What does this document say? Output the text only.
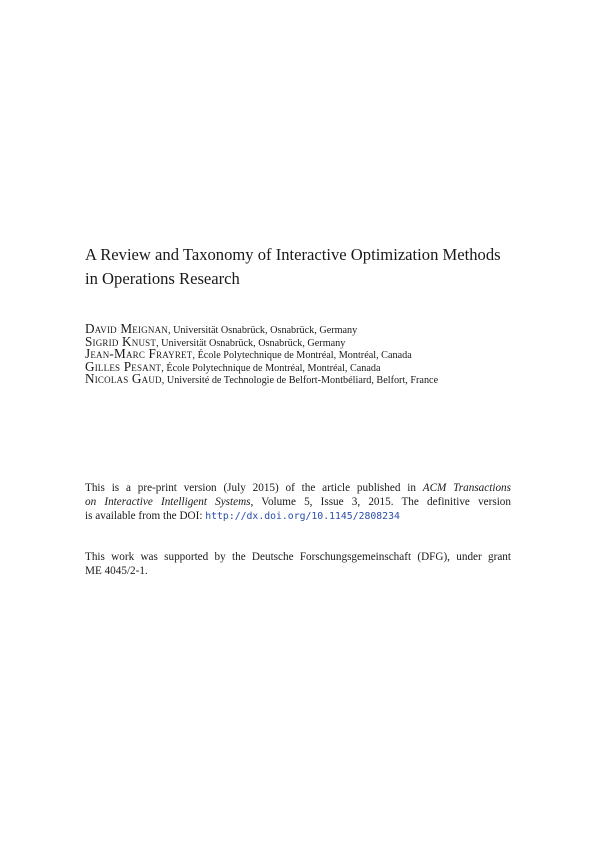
A Review and Taxonomy of Interactive Optimization Methods
in Operations Research
David Meignan, Universität Osnabrück, Osnabrück, Germany
Sigrid Knust, Universität Osnabrück, Osnabrück, Germany
Jean-Marc Frayret, École Polytechnique de Montréal, Montréal, Canada
Gilles Pesant, École Polytechnique de Montréal, Montréal, Canada
Nicolas Gaud, Université de Technologie de Belfort-Montbéliard, Belfort, France

This is a pre-print version (July 2015) of the article published in ACM Transactions
on Interactive Intelligent Systems, Volume 5, Issue 3, 2015. The definitive version
is available from the DOI: http://dx.doi.org/10.1145/2808234

This work was supported by the Deutsche Forschungsgemeinschaft (DFG), under grant
ME 4045/2-1.
